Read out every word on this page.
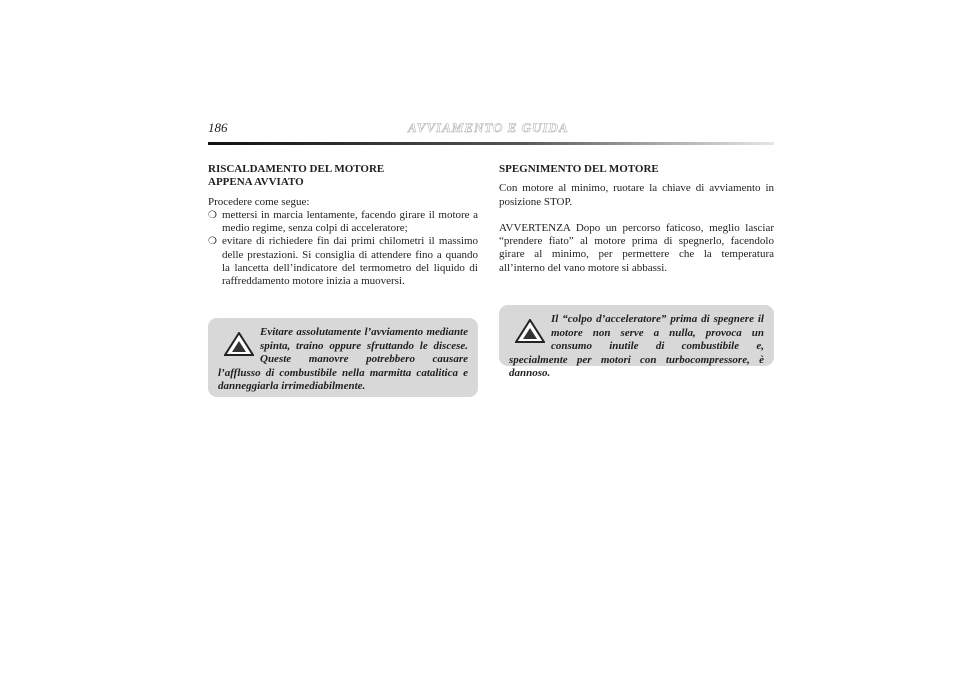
186	AVVIAMENTO E GUIDA
RISCALDAMENTO DEL MOTORE
APPENA AVVIATO

Procedere come segue:

❍ mettersi in marcia lentamente, facendo girare il motore a medio regime, senza colpi di acceleratore;
❍ evitare di richiedere fin dai primi chilometri il massimo delle prestazioni. Si consiglia di attendere fino a quando la lancetta dell’indicatore del termometro del liquido di raffreddamento motore inizia a muoversi.
Evitare assolutamente l’avviamento mediante spinta, traino oppure sfruttando le discese. Queste manovre potrebbero causare l’afflusso di combustibile nella marmitta catalitica e danneggiarla irrimediabilmente.
SPEGNIMENTO DEL MOTORE

Con motore al minimo, ruotare la chiave di avviamento in posizione STOP.

AVVERTENZA Dopo un percorso faticoso, meglio lasciar “prendere fiato” al motore prima di spegnerlo, facendolo girare al minimo, per permettere che la temperatura all’interno del vano motore si abbassi.

Il “colpo d’acceleratore” prima di spegnere il motore non serve a nulla, provoca un consumo inutile di combustibile e, specialmente per motori con turbocompressore, è dannoso.
